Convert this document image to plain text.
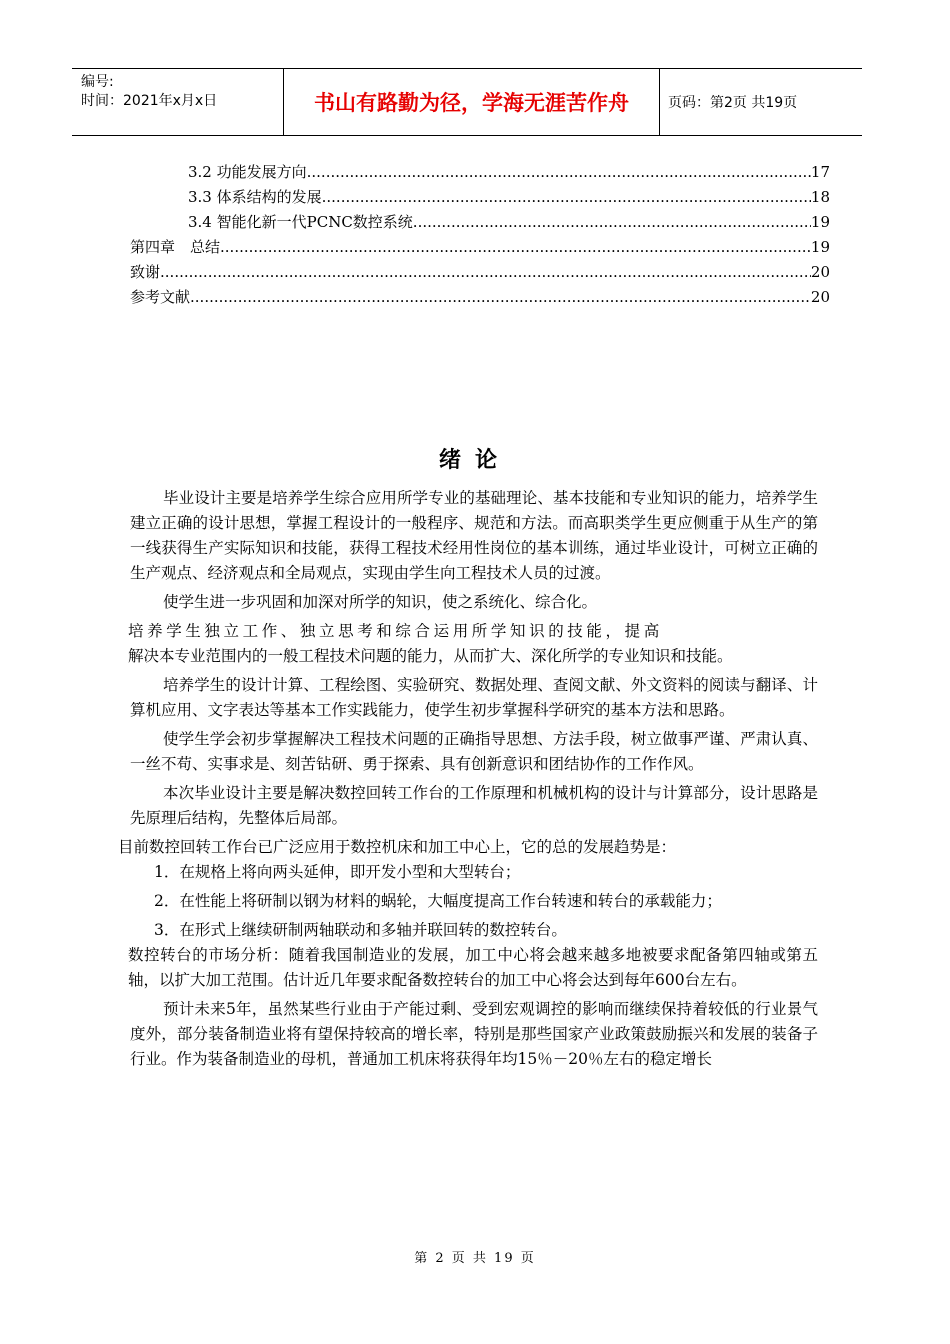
编号:
时间：2021年x月x日	书山有路勤为径，学海无涯苦作舟	页码：第2页 共19页
3.2 功能发展方向 .....	17
3.3 体系结构的发展 .....	18
3.4 智能化新一代PCNC数控系统 .....	19
第四章　总结 .....	19
致谢 .....	20
参考文献 .....	20
绪论

毕业设计主要是培养学生综合应用所学专业的基础理论、基本技能和专业知识的能力，培养学生建立正确的设计思想，掌握工程设计的一般程序、规范和方法。而高职类学生更应侧重于从生产的第一线获得生产实际知识和技能，获得工程技术经用性岗位的基本训练，通过毕业设计，可树立正确的生产观点、经济观点和全局观点，实现由学生向工程技术人员的过渡。

使学生进一步巩固和加深对所学的知识，使之系统化、综合化。

培养学生独立工作、独立思考和综合运用所学知识的技能，提高

解决本专业范围内的一般工程技术问题的能力，从而扩大、深化所学的专业知识和技能。

培养学生的设计计算、工程绘图、实验研究、数据处理、查阅文献、外文资料的阅读与翻译、计算机应用、文字表达等基本工作实践能力，使学生初步掌握科学研究的基本方法和思路。

使学生学会初步掌握解决工程技术问题的正确指导思想、方法手段，树立做事严谨、严肃认真、一丝不苟、实事求是、刻苦钻研、勇于探索、具有创新意识和团结协作的工作作风。

本次毕业设计主要是解决数控回转工作台的工作原理和机械机构的设计与计算部分，设计思路是先原理后结构，先整体后局部。

目前数控回转工作台已广泛应用于数控机床和加工中心上，它的总的发展趋势是：

1．在规格上将向两头延伸，即开发小型和大型转台；

2．在性能上将研制以钢为材料的蜗轮，大幅度提高工作台转速和转台的承载能力；

3．在形式上继续研制两轴联动和多轴并联回转的数控转台。

数控转台的市场分析：随着我国制造业的发展，加工中心将会越来越多地被要求配备第四轴或第五轴，以扩大加工范围。估计近几年要求配备数控转台的加工中心将会达到每年600台左右。

预计未来5年，虽然某些行业由于产能过剩、受到宏观调控的影响而继续保持着较低的行业景气度外，部分装备制造业将有望保持较高的增长率，特别是那些国家产业政策鼓励振兴和发展的装备子行业。作为装备制造业的母机，普通加工机床将获得年均15％－20％左右的稳定增长

第 2 页 共 19 页
